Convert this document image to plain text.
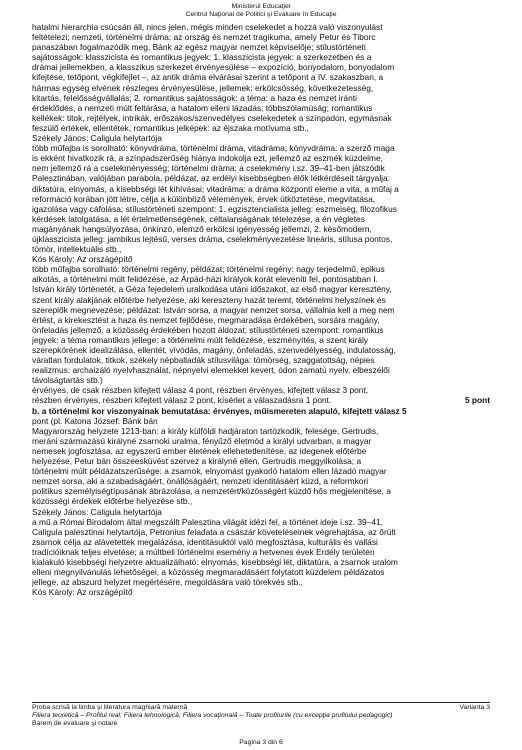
Ministerul Educaţiei
Centrul Naţional de Politici şi Evaluare în Educaţie

hatalmi hierarchia csúcsán áll, nincs jelen, mégis minden cselekedet a hozzá való viszonyulást

feltételezi; nemzeti, történelmi dráma: az ország és nemzet tragikuma, amely Petur és Tiborc

panaszában fogalmazódik meg, Bánk az egész magyar nemzet képviselője; stílustörténeti

sajátosságok: klasszicista és romantikus jegyek; 1. klasszicista jegyek: a szerkezetben és a

drámai jellemekben, a klasszikus szerkezet érvényesülése – expozíció, bonyodalom, bonyodalom

kifejtése, tetőpont, végkifejlet –, az antik dráma elvárásai szerint a tetőpont a IV. szakaszban, a

hármas egység elvének részleges érvényesülése, jellemek: erkölcsösség, következetesség,

kitartás, felelősségvállalás; 2. romantikus sajátosságok: a téma: a haza és nemzet iránti

érdeklődés, a nemzeti múlt feltárása, a hatalom elleni lázadás; többszólamúság; romantikus

kellékek: titok, rejtélyek, intrikák, erőszakos/szenvedélyes cselekedetek a színpadon, egymásnak

feszülő értékek, ellentétek, romantikus jelképek: az éjszaka motívuma stb.,

Székely János: Caligula helytartója

több műfajba is sorolható: könyvdráma, történelmi dráma, vitadráma; könyvdráma: a szerző maga

is ekként hivatkozik rá, a színpadszerűség hiánya indokolja ezt, jellemző az eszmék küzdelme,

nem jellemző rá a cselekményesség; történelmi dráma: a cselekmény i.sz. 39–41-ben játszódik

Palesztinában, valójában parabola, példázat, az erdélyi kisebbségben élők létkérdéseit tárgyalja:

diktatúra, elnyomás, a kisebbségi lét kihívásai; vitadráma: a dráma központi eleme a vita, a műfaj a

reformáció korában jött létre, célja a különböző vélemények, érvek ütköztetése, megvitatása,

igazolása vagy cáfolása; stílustörténeti szempont: 1. egzisztencialista jelleg: eszmeiség, filozofikus

kérdések latolgatása, a lét értelmetlenségének, céltalanságának tételezése, a én végletes

magányának hangsúlyozása, önkínzó, elemző erkölcsi igényesség jellemzi, 2. későmodern,

újklasszicista jelleg: jambikus lejtésű, verses dráma, cselekményvezetése lineáris, stílusa pontos,

tömör, intellektuális stb.,

Kós Károly: Az országépítő

több műfajba sorolható: történelmi regény, példázat; történelmi regény: nagy terjedelmű, epikus

alkotás, a történelmi múlt felidézése, az Árpád-házi királyok korát eleveníti fel, pontosabban I.

István király történetét, a Géza fejedelem uralkodása utáni időszakot, az első magyar keresztény,

szent király alakjának előtérbe helyezése, aki kereszteny hazát teremt, történelmi helyszínek és

szereplők megnevezése; példázat: István sorsa, a magyar nemzet sorsa, vállalnia kell a meg nem

értést, a kirekesztést a haza és nemzet fejlődése, megmaradása érdekében, sorsára magány,

önfeladás jellemző, a közösség érdekében hozott áldozat; stílustörténeti szempont: romantikus

jegyek: a téma romantikus jellege: a történelmi múlt felidézése, eszményítés, a szent király

szerepkörének idealizálása, ellentét, vívódás, magány, önfeladás, szenvedélyesség, indulatosság,

váratlan fordulatok, titkok, székely népballadák stílusvilága: tömörség, szaggatottság, népies

realizmus: archaizáló nyelvhasználat, népnyelvi elemekkel kevert, ódon zamatú nyelv, elbeszélői

távolságtartás stb.)

érvényes, de csak részben kifejtett válasz 4 pont, részben érvényes, kifejtett válasz 3 pont,

5 pont
részben érvényes, részben kifejtett válasz 2 pont, kísérlet a válaszadásra 1 pont.

b. a történelmi kor viszonyainak bemutatása: érvényes, műismereten alapuló, kifejtett válasz 5

pont (pl. Katona József: Bánk bán

Magyarország helyzete 1213-ban: a király külföldi hadjáraton tartózkodik, felesége, Gertrudis,

meráni származású királyné zsarnoki uralma, fényűző életmód a királyi udvarban, a magyar

nemesek jogfosztása, az egyszerű ember életének ellehetetlenítése, az idegenek előtérbe

helyezése, Petur bán összeesküvést szervez a királyné ellen, Gertrudis meggyilkolása; a

történelmi múlt példázatszerűsége: a zsarnok, elnyomást gyakorló hatalom ellen lázadó magyar

nemzet sorsa, aki a szabadságáért, önállóságáért, nemzeti identitásáért küzd, a reformkori

politikus személyiségtípusának ábrázolása, a nemzetért/közösségért küzdő hős megjelenítése, a

közösségi érdekek előtérbe helyezése stb.,

Székely János: Caligula helytartója

a mű a Római Birodalom által megszállt Palesztina világát idézi fel, a történet ideje i.sz. 39–41,

Caligula palesztinai helytartója, Petronius feladata a császár követeléseinek végrehajtása, az őrült

zsarnok célja az alávetettek megalázása, identitásuktól való megfosztása, kulturális és vallási

tradícióiknak teljes elvetése; a múltbeli történelmi esemény a hetvenes évek Erdély területén

kialakuló kisebbségi helyzetre aktualizálható: elnyomás, kisebbségi lét, diktatúra, a zsarnok uralom

elleni megnyilvánulás lehetőségei, a közösség megmaradásáért folytatott küzdelem példázatos

jellege, az abszurd helyzet megértésére, megoldására való törekvés stb.,

Kós Károly: Az országépítő

Proba scrisă la limba şi literatura maghiară maternă	Varianta 3
Filiera teoretică – Profilul real; Filiera tehnologică; Filiera vocaţională – Toate profilurile (cu excepţia profilului pedagogic)
Barem de evaluare şi notare
Pagina 3 din 6
